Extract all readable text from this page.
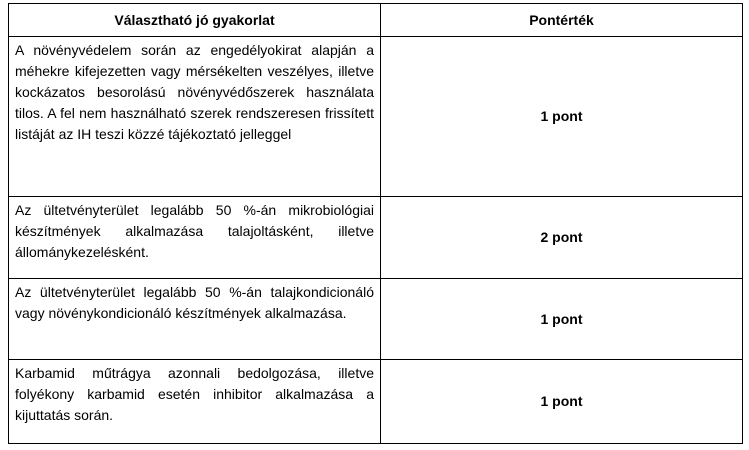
Választható jó gyakorlat	Pontérték
A növényvédelem során az engedélyokirat alapján a méhekre kifejezetten vagy mérsékelten veszélyes, illetve kockázatos besorolású növényvédőszerek használata tilos. A fel nem használható szerek rendszeresen frissített listáját az IH teszi közzé tájékoztató jelleggel	1 pont
Az ültetvényterület legalább 50 %-án mikrobiológiai készítmények alkalmazása talajoltásként, illetve állománykezelésként.	2 pont
Az ültetvényterület legalább 50 %-án talajkondicionáló vagy növénykondicionáló készítmények alkalmazása.	1 pont
Karbamid műtrágya azonnali bedolgozása, illetve folyékony karbamid esetén inhibitor alkalmazása a kijuttatás során.	1 pont
